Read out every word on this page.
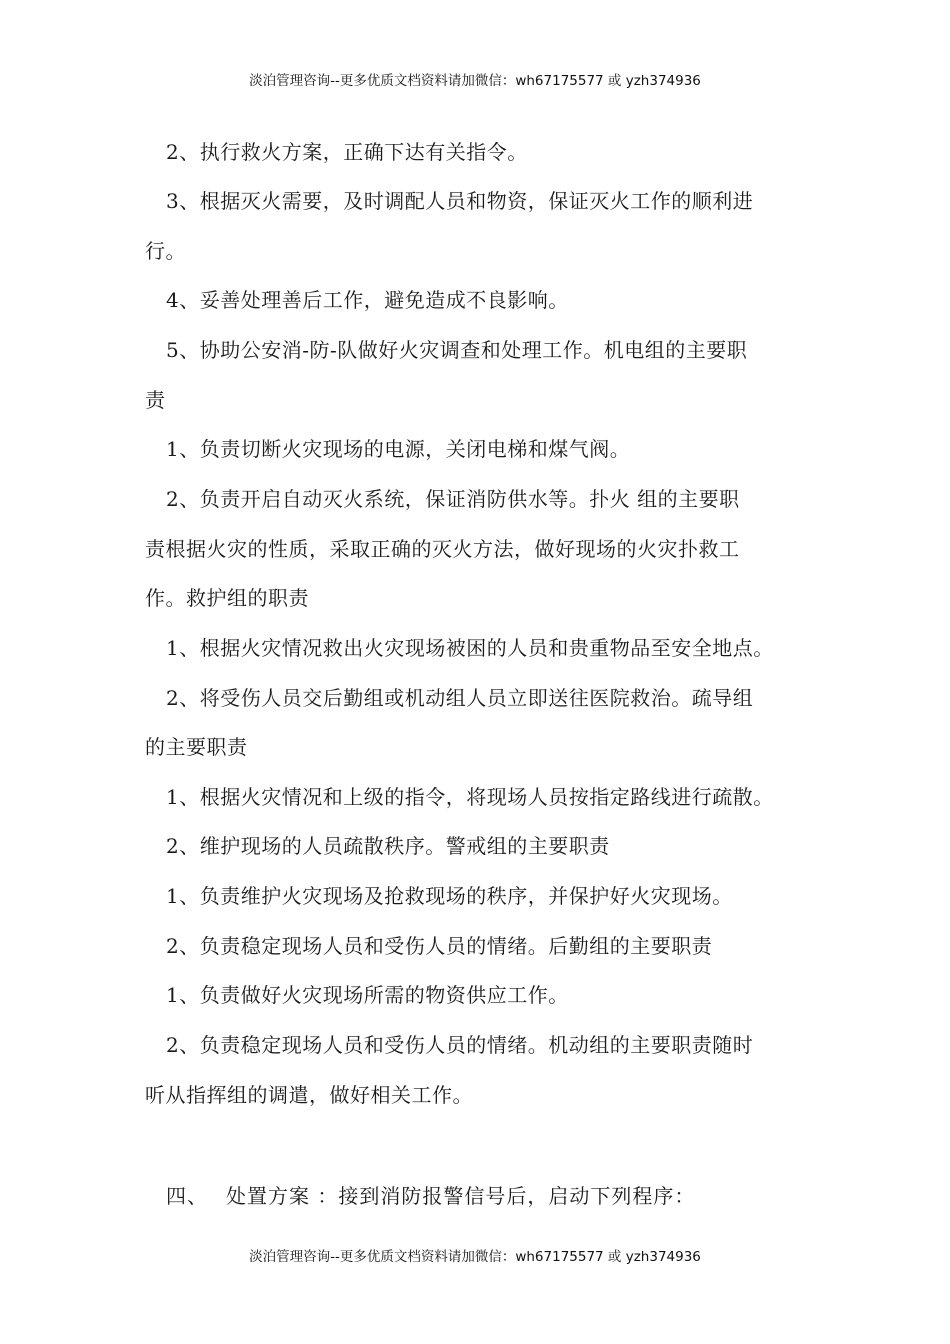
淡泊管理咨询--更多优质文档资料请加微信：wh67175577 或 yzh374936
2、执行救火方案，正确下达有关指令。
3、根据灭火需要，及时调配人员和物资，保证灭火工作的顺利进
行。
4、妥善处理善后工作，避免造成不良影响。
5、协助公安消-防-队做好火灾调查和处理工作。机电组的主要职
责
1、负责切断火灾现场的电源，关闭电梯和煤气阀。
2、负责开启自动灭火系统，保证消防供水等。扑火 组的主要职
责根据火灾的性质，采取正确的灭火方法，做好现场的火灾扑救工
作。救护组的职责
1、根据火灾情况救出火灾现场被困的人员和贵重物品至安全地点。
2、将受伤人员交后勤组或机动组人员立即送往医院救治。疏导组
的主要职责
1、根据火灾情况和上级的指令，将现场人员按指定路线进行疏散。
2、维护现场的人员疏散秩序。警戒组的主要职责
1、负责维护火灾现场及抢救现场的秩序，并保护好火灾现场。
2、负责稳定现场人员和受伤人员的情绪。后勤组的主要职责
1、负责做好火灾现场所需的物资供应工作。
2、负责稳定现场人员和受伤人员的情绪。机动组的主要职责随时
听从指挥组的调遣，做好相关工作。
四、 处置方案 ：接到消防报警信号后，启动下列程序：
淡泊管理咨询--更多优质文档资料请加微信：wh67175577 或 yzh374936
